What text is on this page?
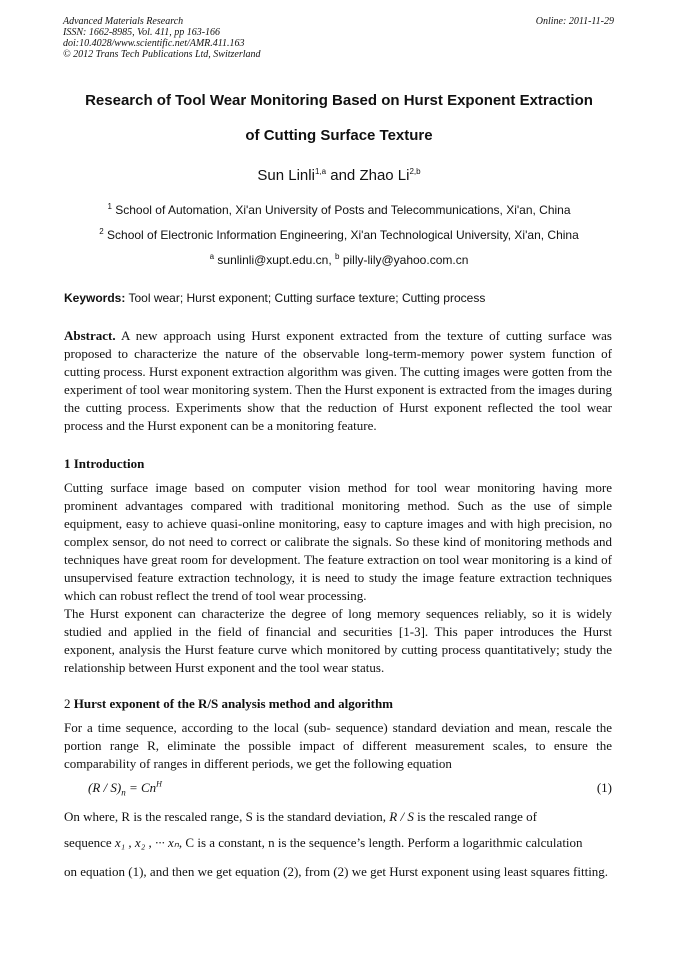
Advanced Materials Research
ISSN: 1662-8985, Vol. 411, pp 163-166
doi:10.4028/www.scientific.net/AMR.411.163
© 2012 Trans Tech Publications Ltd, Switzerland
Online: 2011-11-29
Research of Tool Wear Monitoring Based on Hurst Exponent Extraction
of Cutting Surface Texture
Sun Linli$^{1,a}$ and Zhao Li$^{2,b}$
$^1$ School of Automation, Xi'an University of Posts and Telecommunications, Xi'an, China
$^2$ School of Electronic Information Engineering, Xi'an Technological University, Xi'an, China
$^a$ sunlinli@xupt.edu.cn, $^b$ pilly-lily@yahoo.com.cn
Keywords: Tool wear; Hurst exponent; Cutting surface texture; Cutting process
Abstract. A new approach using Hurst exponent extracted from the texture of cutting surface was proposed to characterize the nature of the observable long-term-memory power system function of cutting process. Hurst exponent extraction algorithm was given. The cutting images were gotten from the experiment of tool wear monitoring system. Then the Hurst exponent is extracted from the images during the cutting process. Experiments show that the reduction of Hurst exponent reflected the tool wear process and the Hurst exponent can be a monitoring feature.
1 Introduction
Cutting surface image based on computer vision method for tool wear monitoring having more prominent advantages compared with traditional monitoring method. Such as the use of simple equipment, easy to achieve quasi-online monitoring, easy to capture images and with high precision, no complex sensor, do not need to correct or calibrate the signals. So these kind of monitoring methods and techniques have great room for development. The feature extraction on tool wear monitoring is a kind of unsupervised feature extraction technology, it is need to study the image feature extraction techniques which can robust reflect the trend of tool wear processing.
The Hurst exponent can characterize the degree of long memory sequences reliably, so it is widely studied and applied in the field of financial and securities [1-3]. This paper introduces the Hurst exponent, analysis the Hurst feature curve which monitored by cutting process quantitatively; study the relationship between Hurst exponent and the tool wear status.
2 Hurst exponent of the R/S analysis method and algorithm
For a time sequence, according to the local (sub- sequence) standard deviation and mean, rescale the portion range R, eliminate the possible impact of different measurement scales, to ensure the comparability of ranges in different periods, we get the following equation
$(R / S)_n = Cn^H$	(1)
On where, R is the rescaled range, S is the standard deviation, R / S is the rescaled range of
sequence x₁ , x₂ , ··· xₙ, C is a constant, n is the sequence’s length. Perform a logarithmic calculation
on equation (1), and then we get equation (2), from (2) we get Hurst exponent using least squares fitting.
